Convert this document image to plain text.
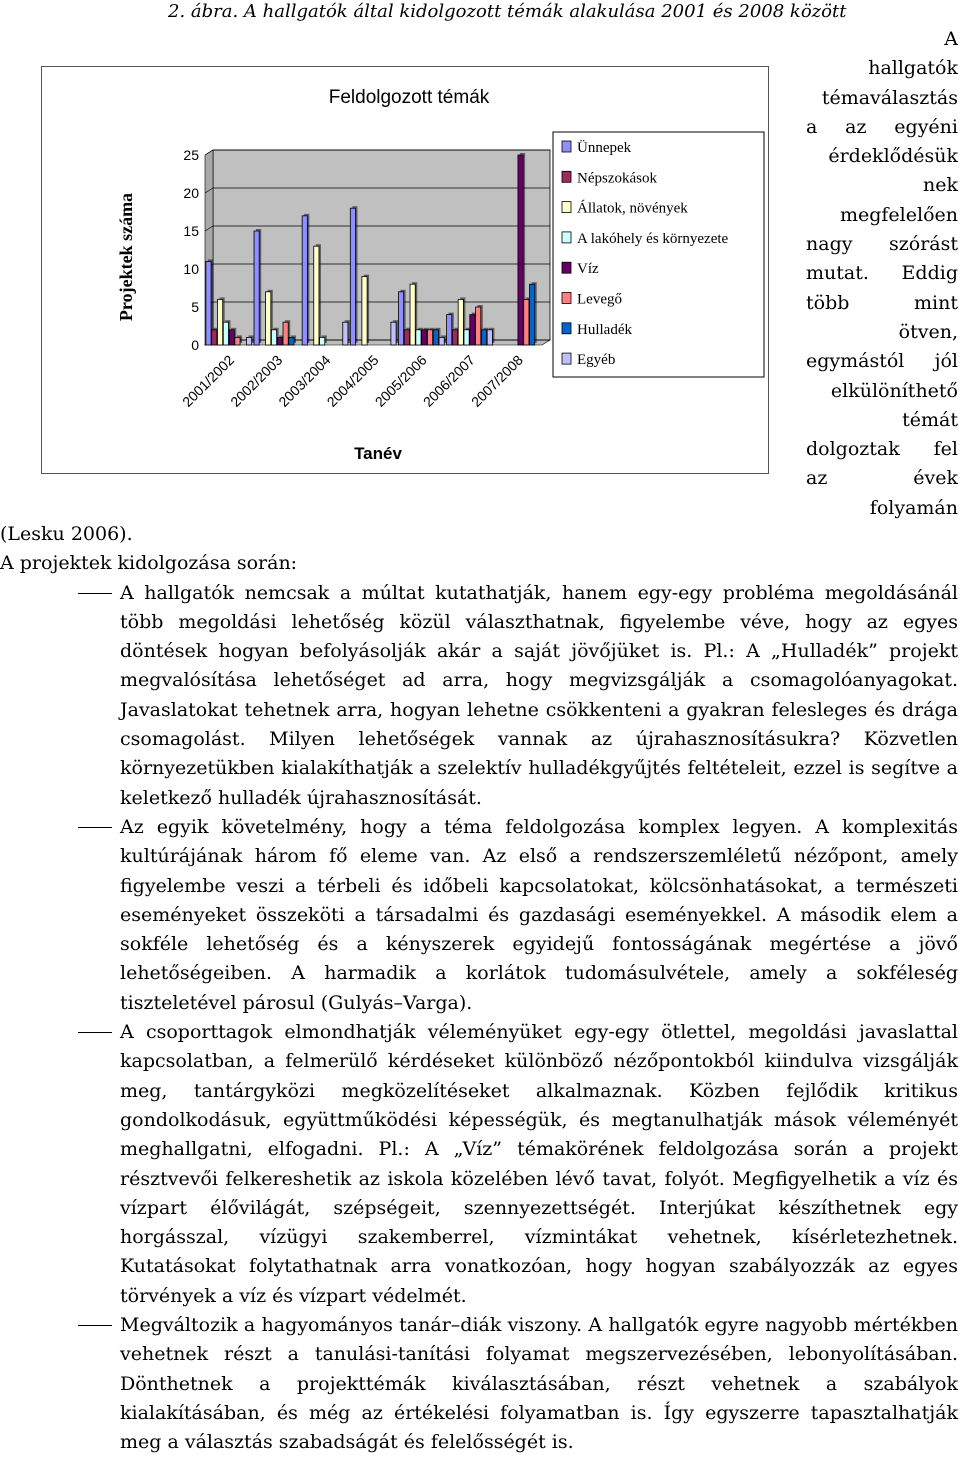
2. ábra. A hallgatók által kidolgozott témák alakulása 2001 és 2008 között
0
5
10
15
20
25
2001/2002
2002/2003
2003/2004
2004/2005
2005/2006
2006/2007
2007/2008
Feldolgozott témák
Tanév
Projektek száma
Ünnepek
Népszokások
Állatok, növények
A lakóhely és környezete
Víz
Levegő
Hulladék
Egyéb
A
hallgatók
témaválasztás
a az egyéni
érdeklődésük
nek
megfelelően
nagy szórást
mutat. Eddig
több mint
ötven,
egymástól jól
elkülöníthető
témát
dolgoztak fel
az évek
folyamán
(Lesku 2006).
A projektek kidolgozása során:
A hallgatók nemcsak a múltat kutathatják, hanem egy-egy probléma megoldásánál több megoldási lehetőség közül választhatnak, figyelembe véve, hogy az egyes döntések hogyan befolyásolják akár a saját jövőjüket is. Pl.: A „Hulladék” projekt megvalósítása lehetőséget ad arra, hogy megvizsgálják a csomagolóanyagokat. Javaslatokat tehetnek arra, hogyan lehetne csökkenteni a gyakran felesleges és drága csomagolást. Milyen lehetőségek vannak az újrahasznosításukra? Közvetlen környezetükben kialakíthatják a szelektív hulladékgyűjtés feltételeit, ezzel is segítve a keletkező hulladék újrahasznosítását.
Az egyik követelmény, hogy a téma feldolgozása komplex legyen. A komplexitás kultúrájának három fő eleme van. Az első a rendszerszemléletű nézőpont, amely figyelembe veszi a térbeli és időbeli kapcsolatokat, kölcsönhatásokat, a természeti eseményeket összeköti a társadalmi és gazdasági eseményekkel. A második elem a sokféle lehetőség és a kényszerek egyidejű fontosságának megértése a jövő lehetőségeiben. A harmadik a korlátok tudomásulvétele, amely a sokféleség tiszteletével párosul (Gulyás–Varga).
A csoporttagok elmondhatják véleményüket egy-egy ötlettel, megoldási javaslattal kapcsolatban, a felmerülő kérdéseket különböző nézőpontokból kiindulva vizsgálják meg, tantárgyközi megközelítéseket alkalmaznak. Közben fejlődik kritikus gondolkodásuk, együttműködési képességük, és megtanulhatják mások véleményét meghallgatni, elfogadni. Pl.: A „Víz” témakörének feldolgozása során a projekt résztvevői felkereshetik az iskola közelében lévő tavat, folyót. Megfigyelhetik a víz és vízpart élővilágát, szépségeit, szennyezettségét. Interjúkat készíthetnek egy horgásszal, vízügyi szakemberrel, vízmintákat vehetnek, kísérletezhetnek. Kutatásokat folytathatnak arra vonatkozóan, hogy hogyan szabályozzák az egyes törvények a víz és vízpart védelmét.
Megváltozik a hagyományos tanár–diák viszony. A hallgatók egyre nagyobb mértékben vehetnek részt a tanulási-tanítási folyamat megszervezésében, lebonyolításában. Dönthetnek a projekttémák kiválasztásában, részt vehetnek a szabályok kialakításában, és még az értékelési folyamatban is. Így egyszerre tapasztalhatják meg a választás szabadságát és felelősségét is.
